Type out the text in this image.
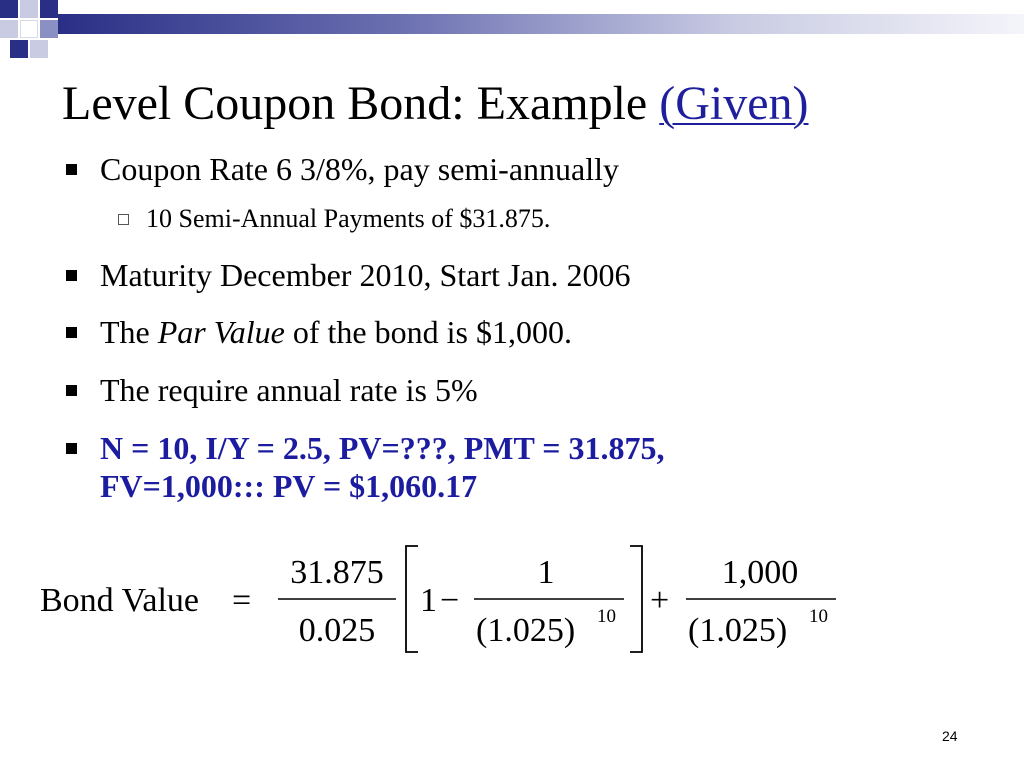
Level Coupon Bond: Example (Given)
Coupon Rate 6 3/8%, pay semi-annually
10 Semi-Annual Payments of $31.875.
Maturity December 2010, Start Jan. 2006
The Par Value of the bond is $1,000.
The require annual rate is 5%
N = 10, I/Y = 2.5, PV=???, PMT = 31.875,
FV=1,000::: PV = $1,060.17
Bond Value =
31.875
0.025
1 −
1
(1.025) 10 +
1,000
(1.025) 10
24
